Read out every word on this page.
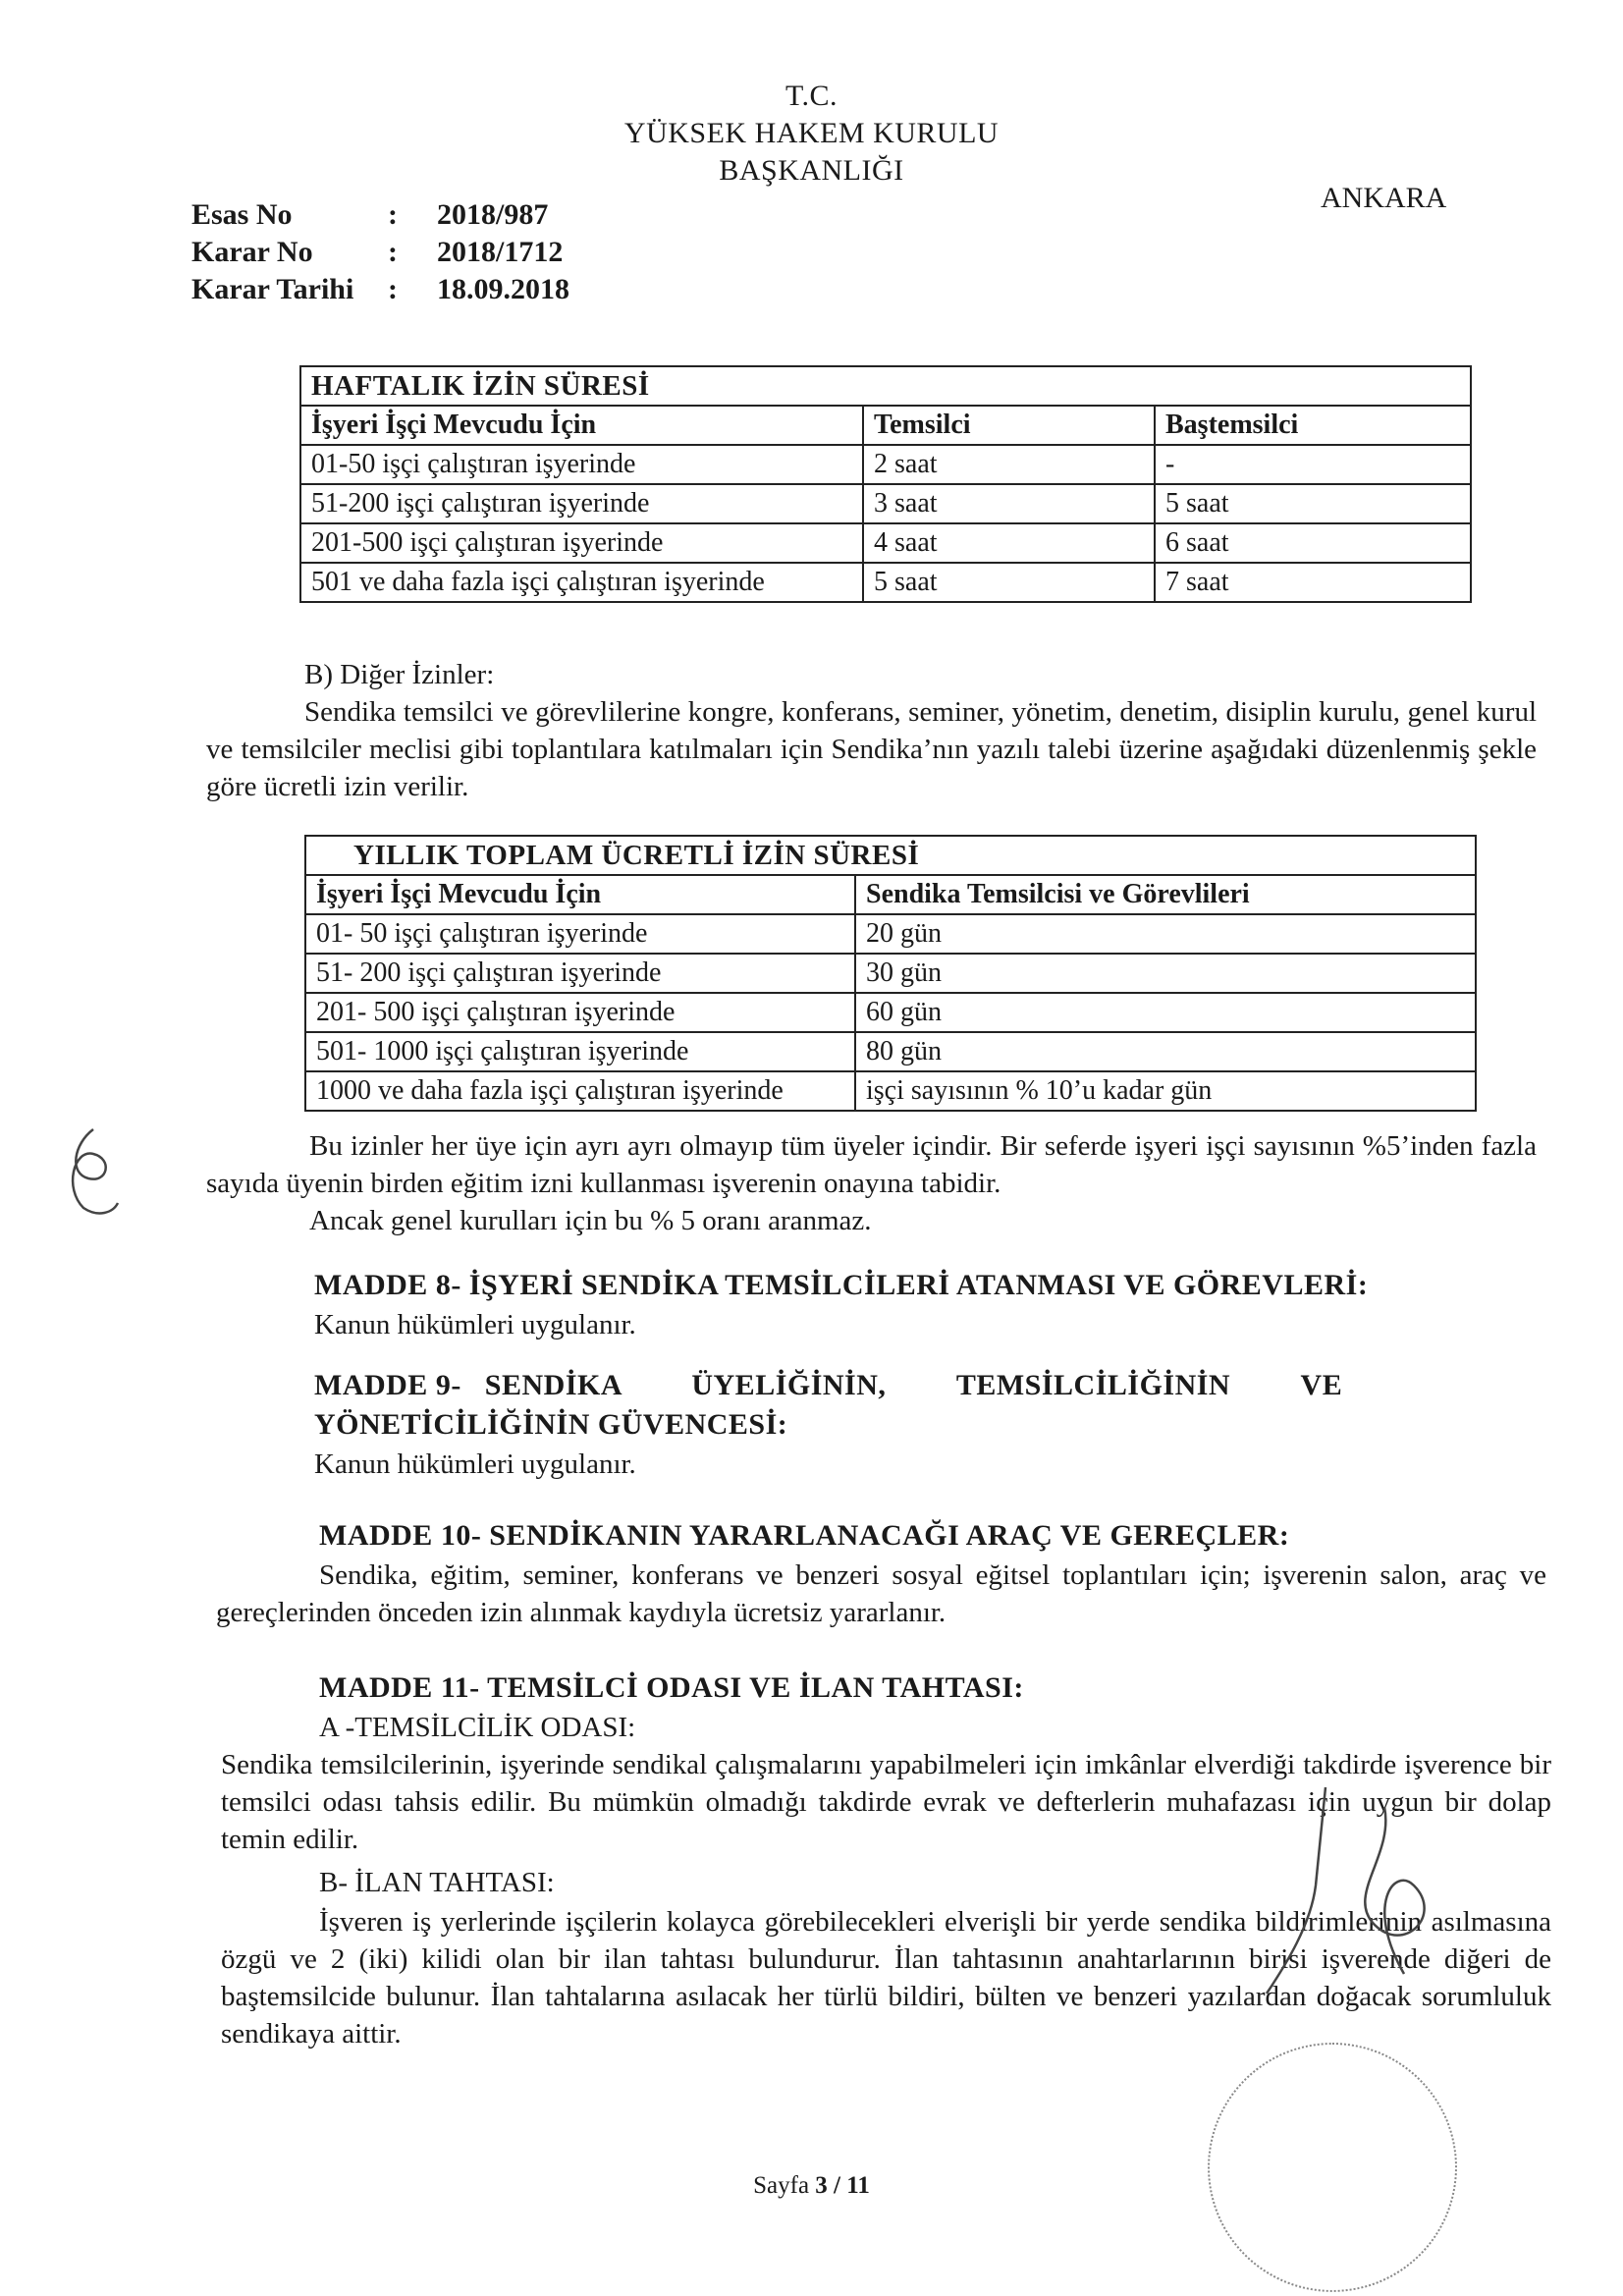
T.C.
YÜKSEK HAKEM KURULU
BAŞKANLIĞI
ANKARA
Esas No	: 2018/987
Karar No	: 2018/1712
Karar Tarihi : 18.09.2018
HAFTALIK İZİN SÜRESİ		
İşyeri İşçi Mevcudu İçin	Temsilci	Baştemsilci
01-50 işçi çalıştıran işyerinde	2 saat	-
51-200 işçi çalıştıran işyerinde	3 saat	5 saat
201-500 işçi çalıştıran işyerinde	4 saat	6 saat
501 ve daha fazla işçi çalıştıran işyerinde	5 saat	7 saat
B) Diğer İzinler:
Sendika temsilci ve görevlilerine kongre, konferans, seminer, yönetim, denetim, disiplin kurulu, genel kurul ve temsilciler meclisi gibi toplantılara katılmaları için Sendika’nın yazılı talebi üzerine aşağıdaki düzenlenmiş şekle göre ücretli izin verilir.
YILLIK TOPLAM ÜCRETLİ İZİN SÜRESİ	
İşyeri İşçi Mevcudu İçin	Sendika Temsilcisi ve Görevlileri
01- 50 işçi çalıştıran işyerinde	20 gün
51- 200 işçi çalıştıran işyerinde	30 gün
201- 500 işçi çalıştıran işyerinde	60 gün
501- 1000 işçi çalıştıran işyerinde	80 gün
1000 ve daha fazla işçi çalıştıran işyerinde	işçi sayısının % 10’u kadar gün
Bu izinler her üye için ayrı ayrı olmayıp tüm üyeler içindir. Bir seferde işyeri işçi sayısının %5’inden fazla sayıda üyenin birden eğitim izni kullanması işverenin onayına tabidir.
Ancak genel kurulları için bu % 5 oranı aranmaz.
MADDE 8- İŞYERİ SENDİKA TEMSİLCİLERİ ATANMASI VE GÖREVLERİ:
Kanun hükümleri uygulanır.
MADDE 9-   SENDİKA         ÜYELİĞİNİN,         TEMSİLCİLİĞİNİN         VE
YÖNETİCİLİĞİNİN GÜVENCESİ:
Kanun hükümleri uygulanır.
MADDE 10- SENDİKANIN YARARLANACAĞI ARAÇ VE GEREÇLER:
Sendika, eğitim, seminer, konferans ve benzeri sosyal eğitsel toplantıları için; işverenin salon, araç ve gereçlerinden önceden izin alınmak kaydıyla ücretsiz yararlanır.
MADDE 11- TEMSİLCİ ODASI VE İLAN TAHTASI:
A -TEMSİLCİLİK ODASI:
Sendika temsilcilerinin, işyerinde sendikal çalışmalarını yapabilmeleri için imkânlar elverdiği takdirde işverence bir temsilci odası tahsis edilir. Bu mümkün olmadığı takdirde evrak ve defterlerin muhafazası için uygun bir dolap temin edilir.
B- İLAN TAHTASI:
İşveren iş yerlerinde işçilerin kolayca görebilecekleri elverişli bir yerde sendika bildirimlerinin asılmasına özgü ve 2 (iki) kilidi olan bir ilan tahtası bulundurur. İlan tahtasının anahtarlarının birisi işverende diğeri de baştemsilcide bulunur. İlan tahtalarına asılacak her türlü bildiri, bülten ve benzeri yazılardan doğacak sorumluluk sendikaya aittir.
Sayfa 3 / 11
